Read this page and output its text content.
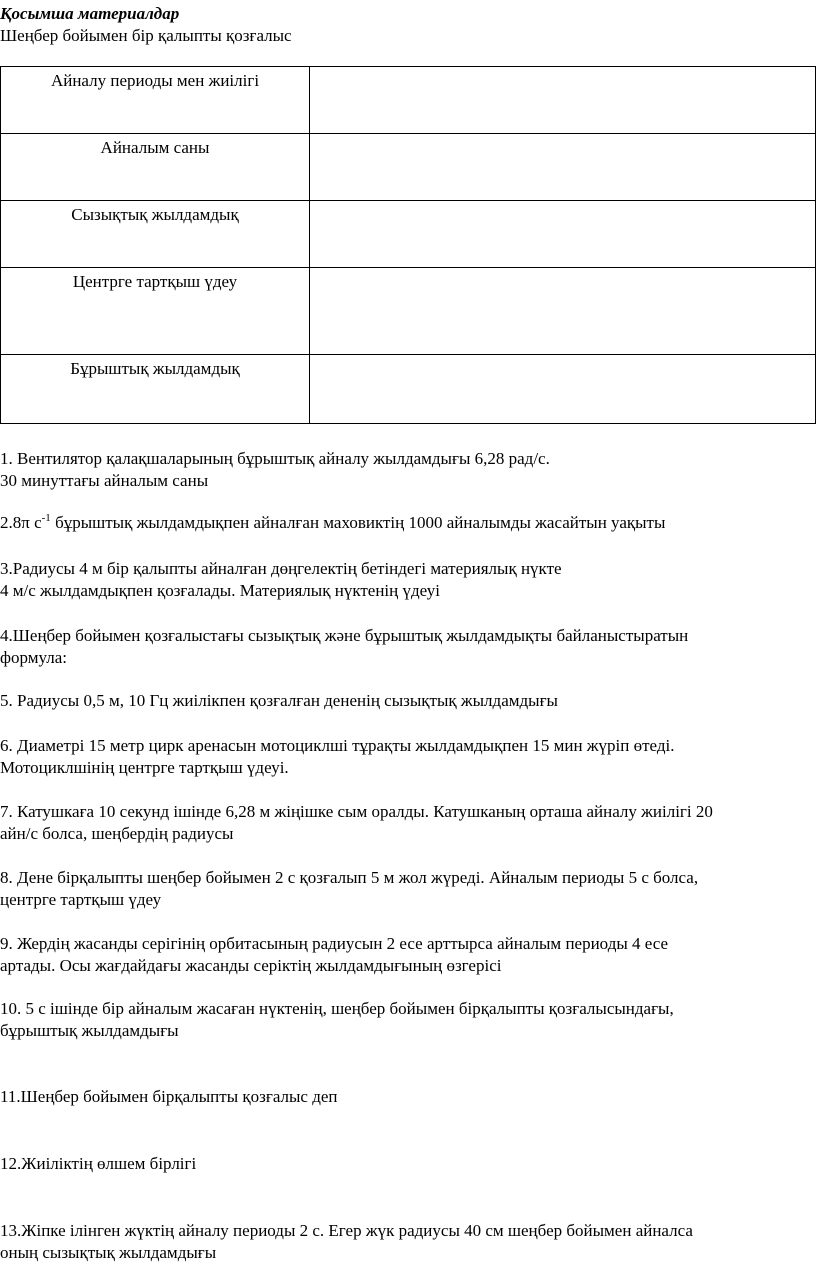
Қосымша материалдар
Шеңбер бойымен бір қалыпты қозғалыс
Айналу периоды мен жиілігі	
Айналым саны	
Сызықтық жылдамдық	
Центрге тартқыш үдеу	
Бұрыштық жылдамдық	
1. Вентилятор қалақшаларының бұрыштық айналу жылдамдығы 6,28 рад/с.
30 минуттағы айналым саны
2.8π $с^{-1}$ бұрыштық жылдамдықпен айналған маховиктің 1000 айналымды жасайтын уақыты
3.Радиусы 4 м бір қалыпты айналған дөңгелектің бетіндегі материялық нүкте
4 м/с жылдамдықпен қозғалады. Материялық нүктенің үдеуі
4.Шеңбер бойымен қозғалыстағы сызықтық және бұрыштық жылдамдықты байланыстыратын
формула:
5. Радиусы 0,5 м, 10 Гц жиілікпен қозғалған дененің сызықтық жылдамдығы
6. Диаметрі 15 метр цирк аренасын мотоциклші тұрақты жылдамдықпен 15 мин жүріп өтеді.
Мотоциклшінің центрге тартқыш үдеуі.
7. Катушкаға 10 секунд ішінде 6,28 м жіңішке сым оралды. Катушканың орташа айналу жиілігі 20
айн/с болса, шеңбердің радиусы
8. Дене бірқалыпты шеңбер бойымен 2 с қозғалып 5 м жол жүреді. Айналым периоды 5 с болса,
центрге тартқыш үдеу
9. Жердің жасанды серігінің орбитасының радиусын 2 есе арттырса айналым периоды 4 есе
артады. Осы жағдайдағы жасанды серіктің жылдамдығының өзгерісі
10. 5 с ішінде бір айналым жасаған нүктенің, шеңбер бойымен бірқалыпты қозғалысындағы,
бұрыштық жылдамдығы
11.Шеңбер бойымен бірқалыпты қозғалыс деп
12.Жиіліктің өлшем бірлігі
13.Жіпке ілінген жүктің айналу периоды 2 с. Егер жүк радиусы 40 см шеңбер бойымен айналса
оның сызықтық жылдамдығы
